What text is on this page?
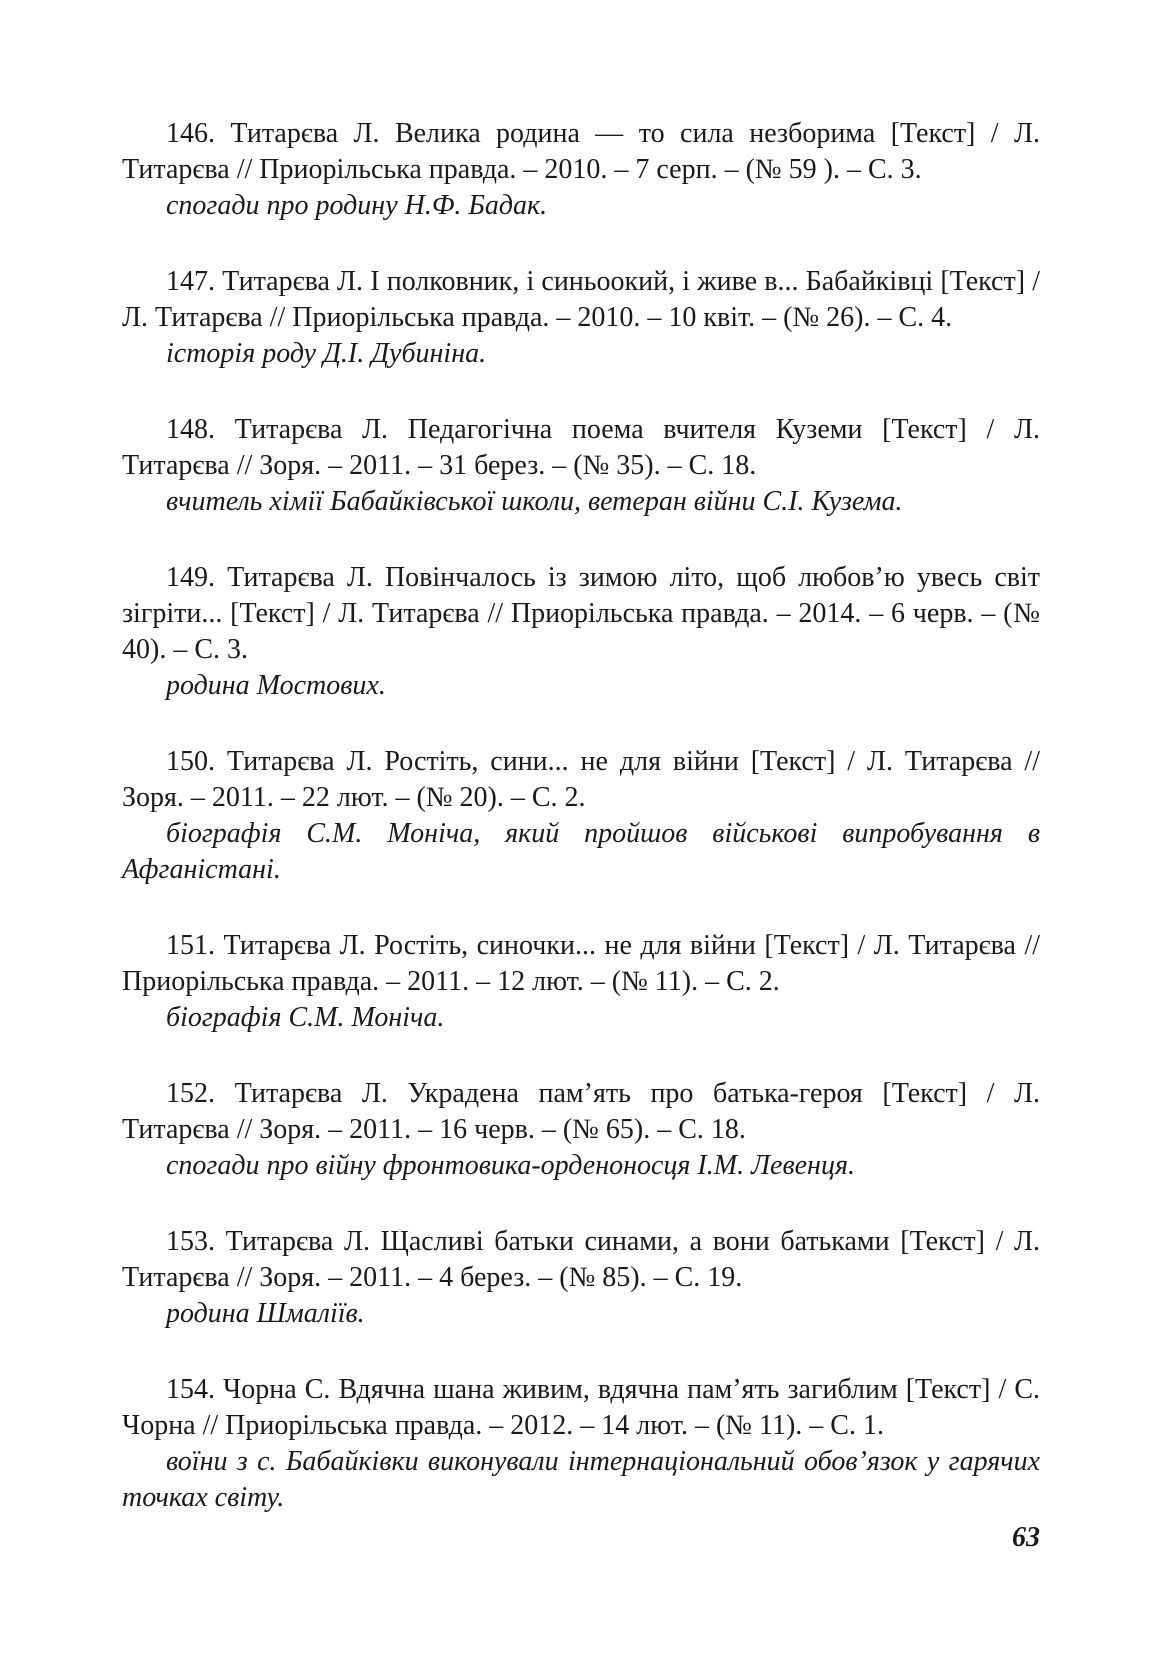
146. Титарєва Л. Велика родина — то сила незборима [Текст] / Л. Титарєва // Приорільська правда. – 2010. – 7 серп. – (№ 59 ). – С. 3.

спогади про родину Н.Ф. Бадак.

147. Титарєва Л. І полковник, і синьоокий, і живе в... Бабайківці [Текст] / Л. Титарєва // Приорільська правда. – 2010. – 10 квіт. – (№ 26). – С. 4.

історія роду Д.І. Дубиніна.

148. Титарєва Л. Педагогічна поема вчителя Куземи [Текст] / Л. Титарєва // Зоря. – 2011. – 31 берез. – (№ 35). – С. 18.

вчитель хімії Бабайківської школи, ветеран війни С.І. Кузема.

149. Титарєва Л. Повінчалось із зимою літо, щоб любов’ю увесь світ зігріти... [Текст] / Л. Титарєва // Приорільська правда. – 2014. – 6 черв. – (№ 40). – С. 3.

родина Мостових.

150. Титарєва Л. Ростіть, сини... не для війни [Текст] / Л. Титарєва // Зоря. – 2011. – 22 лют. – (№ 20). – С. 2.

біографія С.М. Моніча, який пройшов військові випробування в Афганістані.

151. Титарєва Л. Ростіть, синочки... не для війни [Текст] / Л. Титарєва // Приорільська правда. – 2011. – 12 лют. – (№ 11). – С. 2.

біографія С.М. Моніча.

152. Титарєва Л. Украдена пам’ять про батька-героя [Текст] / Л. Титарєва // Зоря. – 2011. – 16 черв. – (№ 65). – С. 18.

спогади про війну фронтовика-орденоносця І.М. Левенця.

153. Титарєва Л. Щасливі батьки синами, а вони батьками [Текст] / Л. Титарєва // Зоря. – 2011. – 4 берез. – (№ 85). – С. 19.

родина Шмаліїв.

154. Чорна С. Вдячна шана живим, вдячна пам’ять загиблим [Текст] / С. Чорна // Приорільська правда. – 2012. – 14 лют. – (№ 11). – С. 1.

воїни з с. Бабайківки виконували інтернаціональний обов’язок у гарячих точках світу.

63
